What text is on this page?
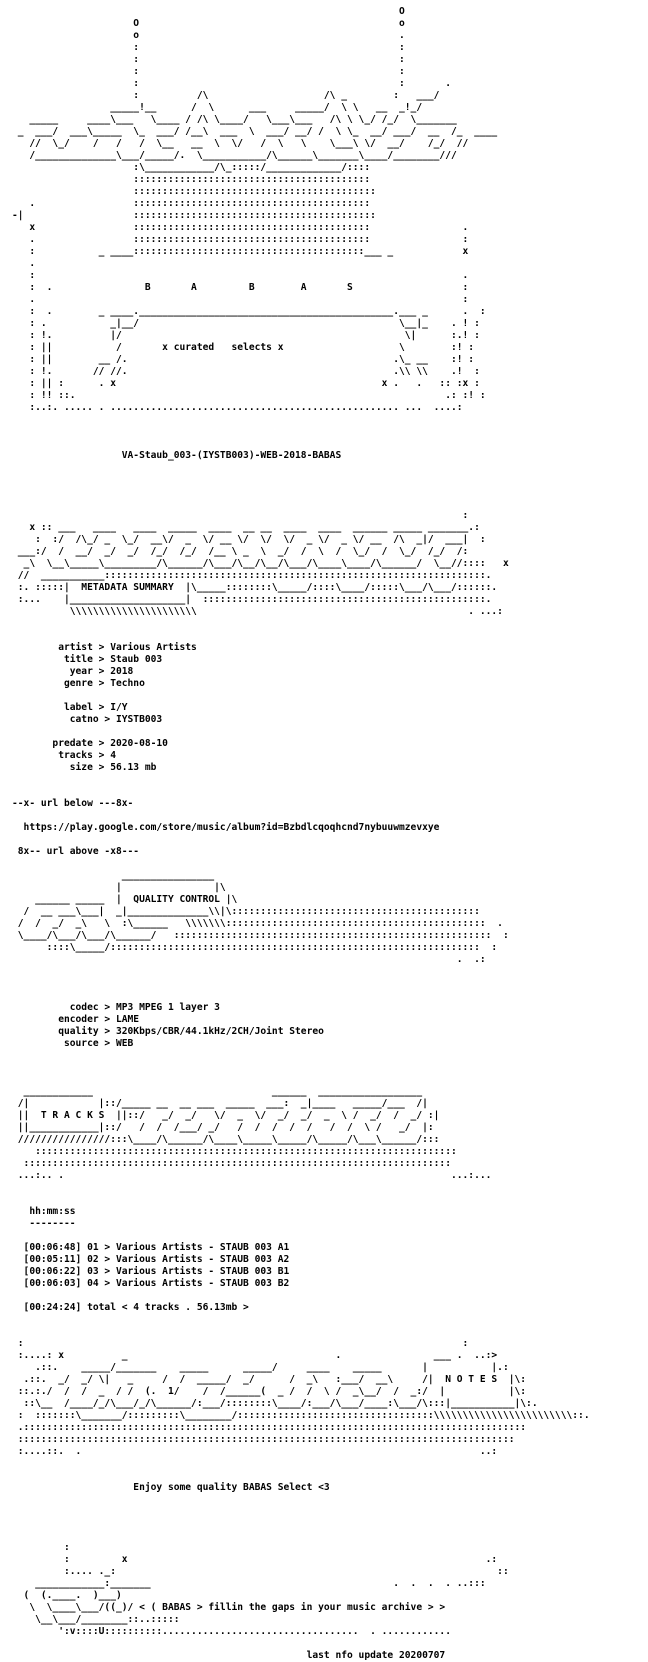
O
O                                             o
o                                             .
:                                             :
:                                             :
:                                             :
:                                             :       .
:          /\                    /\ _        :   ___/
_____!__      /  \      ___     _____/  \ \   __  _!_/
_____     ____\___   \____ / /\ \____/   \___\___   /\ \ \_/ /_/  \_______
_  ___/  ___\_____  \_  ___/ /__\  ___  \  ___/ __/ /  \ \_  __/ ___/  __  /_  ____
//  \_/    /   /   /  \__   __  \  \/   /  \   \    \___\ \/  __/    /_/  //
/______________\___/_____/.  \___________/\______\_______\____/________///
:\____________/\_:::::/_____________/::::
:::::::::::::::::::::::::::::::::::::::::
::::::::::::::::::::::::::::::::::::::::::
.                 :::::::::::::::::::::::::::::::::::::::::
-|                   ::::::::::::::::::::::::::::::::::::::::::
x                 :::::::::::::::::::::::::::::::::::::::::                .
.                 :::::::::::::::::::::::::::::::::::::::::                :
:           _ ____::::::::::::::::::::::::::::::::::::::::___ _            x
.
:                                                                          .
:  .                B       A         B        A       S                   :
.                                                                          :
:  .        _ ____.____________________________________________.___ _      .  :
: .           _|__/                                             \__|_    . ! :
: !.          |/                                                 \|      :.! :
: ||           /       x curated   selects x                    \        :! :
: ||        __ /.                                              .\_ __    :! :
: !.       // //.                                              .\\ \\    .!  :
: || :      . x                                              x .   .   :: :x :
: !! ::.                                                                .: :! :
:..:. ..... . .................................................. ...  ....:
VA-Staub_003-(IYSTB003)-WEB-2018-BABAS
:
x :: ___   ____   ____  _____  ____  __ __  ____  ____  ______ _____ _______.:
:  :/  /\_/ _  \_/  __\/  _  \/ __ \/  \/  \/  _ \/  _ \/ __  /\  _|/  ___|  :
___:/  /  __/  _/  _/  /_/  /_/  /__ \ _  \  _/  /  \  /  \_/  /  \_/  /_/  /:
_\  \__\_____\_________/\______/\___/\__/\__/\___/\____\____/\______/  \__//::::   x
//  ___________::::::::::::::::::::::::::::::::::::::::::::::::::::::::::::::::::.
:. :::::|  METADATA SUMMARY  |\_____::::::::\_____/::::\____/:::::\___/\___/::::::.
:...    |____________________|  :::::::::::::::::::::::::::::::::::::::::::::::::.
\\\\\\\\\\\\\\\\\\\\\\                                               . ...:
artist > Various Artists
title > Staub 003
year > 2018
genre > Techno
label > I/Y
catno > IYSTB003
predate > 2020-08-10
tracks > 4
size > 56.13 mb
--x- url below ---8x-
https://play.google.com/store/music/album?id=Bzbdlcqoqhcnd7nybuuwmzevxye
8x-- url above -x8---
________________
|                |\
______ _____  |  QUALITY CONTROL |\
/  __ ___\___|  _|______________\\|\:::::::::::::::::::::::::::::::::::::::::::
/  /  _/  _\   \  :\______   \\\\\\\:::::::::::::::::::::::::::::::::::::::::::::  .
\____/\___/\___/\______/   :::::::::::::::::::::::::::::::::::::::::::::::::::::::  :
::::\_____/::::::::::::::::::::::::::::::::::::::::::::::::::::::::::::::::  :
.  .:
codec > MP3 MPEG 1 layer 3
encoder > LAME
quality > 320Kbps/CBR/44.1kHz/2CH/Joint Stereo
source > WEB
____________                               ______  __________________
/|            |::/_____ __  __ ___  _____  ___:  _|____   _____/___  /|
||  T R A C K S  ||::/   _/  _/   \/  _  \/  _/  _/  _  \ /  _/  /  _/ :|
||____________|::/   /  /  /___/ _/   /  /  /  /  /   /  /  \ /   _/  |:
////////////////:::\____/\______/\____\_____\_____/\_____/\___\______/:::
:::::::::::::::::::::::::::::::::::::::::::::::::::::::::::::::::::::::::
::::::::::::::::::::::::::::::::::::::::::::::::::::::::::::::::::::::::::
...:.. .                                                                   ...:...
hh:mm:ss
--------
[00:06:48] 01 > Various Artists - STAUB 003 A1
[00:05:11] 02 > Various Artists - STAUB 003 A2
[00:06:22] 03 > Various Artists - STAUB 003 B1
[00:06:03] 04 > Various Artists - STAUB 003 B2
[00:24:24] total < 4 tracks . 56.13mb >
:                                                                            :
:....: x          _                                    .                ___ .  ..:>
.::.    _____/_______    _____      _____/     ____    _____       |           |.:
.::.  _/  _/ \|   _     /  /  _____/  _/      /  _\   :___/  __\     /|  N O T E S  |\:
::.:./  /  /  _  / /  (.  1/    /  /______(  _ /  /  \ /  _\__/  /  _:/  |           |\:
::\__  /____/_/\___/_/\______/:___/::::::::\____/:___/\___/____:\___/\:::|___________|\:.
:  :::::::\_______/:::::::::\________/::::::::::::::::::::::::::::::::::\\\\\\\\\\\\\\\\\\\\\\\\::.
.:::::::::::::::::::::::::::::::::::::::::::::::::::::::::::::::::::::::::::::::::::::::
::::::::::::::::::::::::::::::::::::::::::::::::::::::::::::::::::::::::::::::::::::::
:....::.  .                                                                     ..:
Enjoy some quality BABAS Select <3
:
:         x                                                              .:
:.... ._:                                                                  ::
____________:_______                                          .  .  .  . ..:::
(  (.____.  )___)
\  \____\___/((_)/ < ( BABAS > fillin the gaps in your music archive > >
\__\___/________::..:::::
':v::::U::::::::::..................................  . ............
last nfo update 20200707
